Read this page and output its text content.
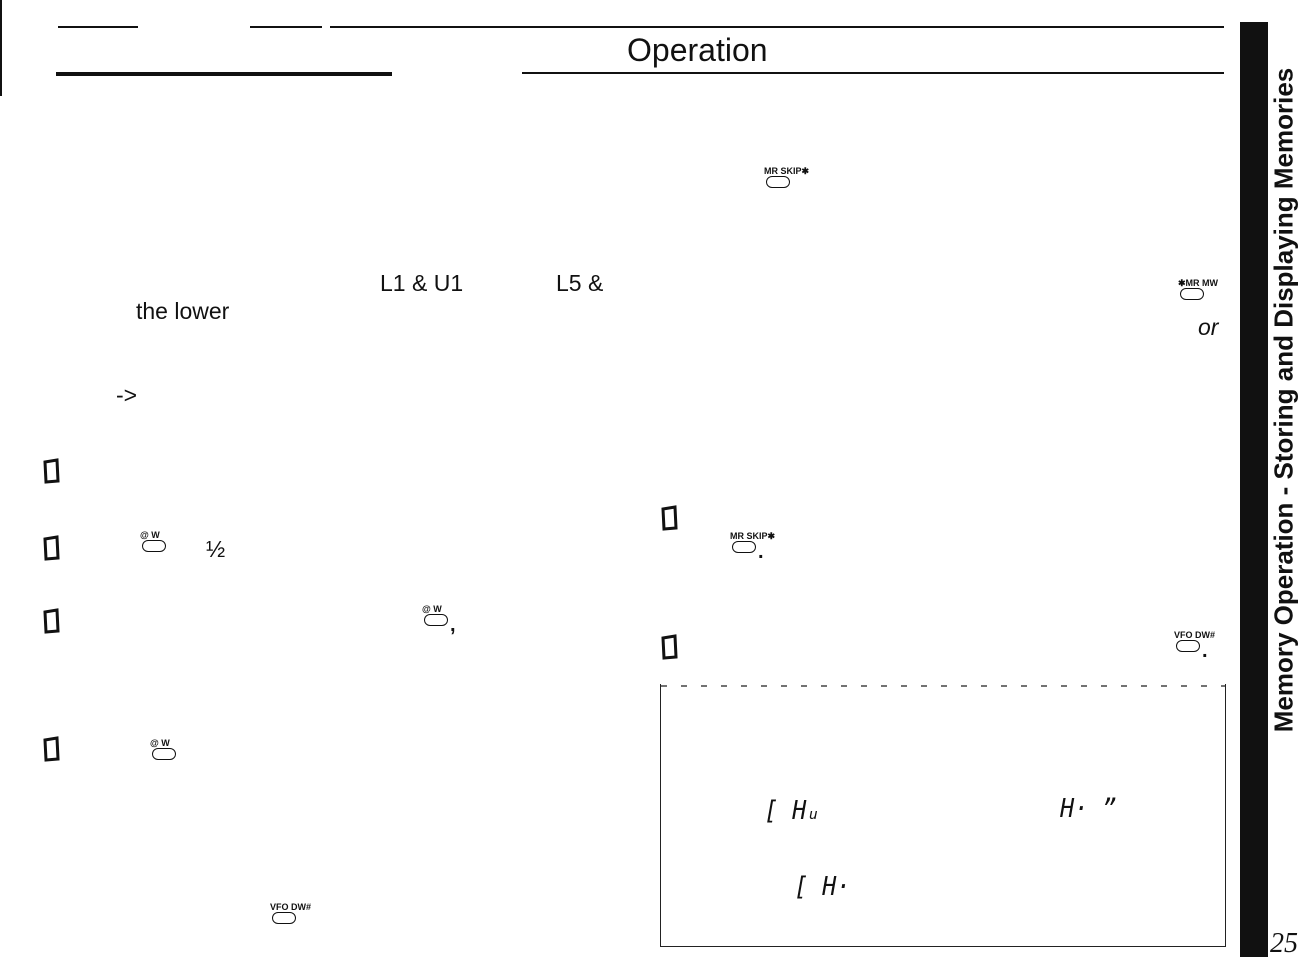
Operation
L1 & U1	L5 &
the lower
->
@ W
½
@ W
,
@ W
VFO DW#
MR SKIP✱
✱MR MW
or
MR SKIP✱
.
VFO DW#
.
[ Hᵤ	H· ”
[ H·
Memory Operation - Storing and Displaying Memories
25
